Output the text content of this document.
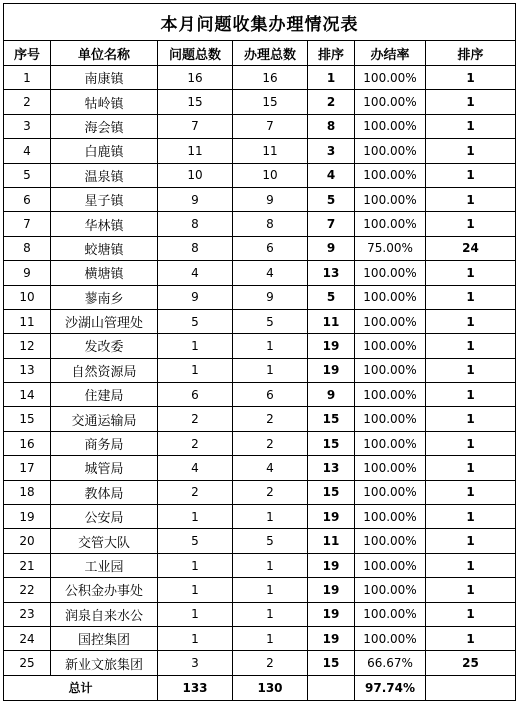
本月问题收集办理情况表						
序号	单位名称	问题总数	办理总数	排序	办结率	排序
1	南康镇	16	16	1	100.00%	1
2	牯岭镇	15	15	2	100.00%	1
3	海会镇	7	7	8	100.00%	1
4	白鹿镇	11	11	3	100.00%	1
5	温泉镇	10	10	4	100.00%	1
6	星子镇	9	9	5	100.00%	1
7	华林镇	8	8	7	100.00%	1
8	蛟塘镇	8	6	9	75.00%	24
9	横塘镇	4	4	13	100.00%	1
10	蓼南乡	9	9	5	100.00%	1
11	沙湖山管理处	5	5	11	100.00%	1
12	发改委	1	1	19	100.00%	1
13	自然资源局	1	1	19	100.00%	1
14	住建局	6	6	9	100.00%	1
15	交通运输局	2	2	15	100.00%	1
16	商务局	2	2	15	100.00%	1
17	城管局	4	4	13	100.00%	1
18	教体局	2	2	15	100.00%	1
19	公安局	1	1	19	100.00%	1
20	交管大队	5	5	11	100.00%	1
21	工业园	1	1	19	100.00%	1
22	公积金办事处	1	1	19	100.00%	1
23	润泉自来水公	1	1	19	100.00%	1
24	国控集团	1	1	19	100.00%	1
25	新业文旅集团	3	2	15	66.67%	25
总计		133	130		97.74%	
